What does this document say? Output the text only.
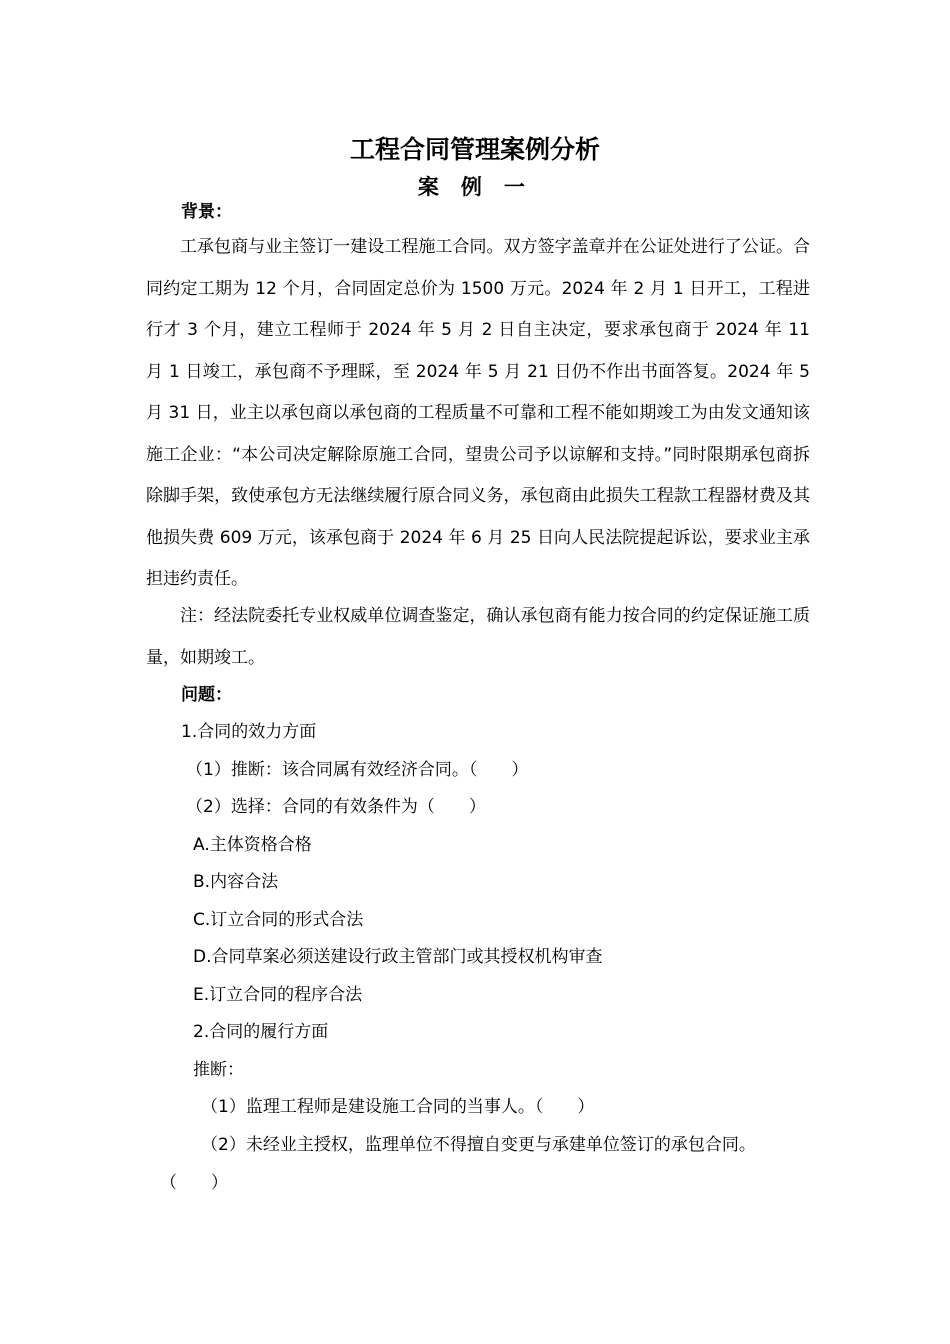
工程合同管理案例分析
案 例 一
背景：

工承包商与业主签订一建设工程施工合同。双方签字盖章并在公证处进行了公证。合同约定工期为 12 个月，合同固定总价为 1500 万元。2024 年 2 月 1 日开工，工程进行才 3 个月，建立工程师于 2024 年 5 月 2 日自主决定，要求承包商于 2024 年 11 月 1 日竣工，承包商不予理睬，至 2024 年 5 月 21 日仍不作出书面答复。2024 年 5 月 31 日，业主以承包商以承包商的工程质量不可靠和工程不能如期竣工为由发文通知该施工企业：“本公司决定解除原施工合同，望贵公司予以谅解和支持。”同时限期承包商拆除脚手架，致使承包方无法继续履行原合同义务，承包商由此损失工程款工程器材费及其他损失费 609 万元，该承包商于 2024 年 6 月 25 日向人民法院提起诉讼，要求业主承担违约责任。

注：经法院委托专业权威单位调查鉴定，确认承包商有能力按合同的约定保证施工质量，如期竣工。

问题：
1.合同的效力方面
（1）推断：该合同属有效经济合同。（　　）
（2）选择：合同的有效条件为（　　）
A.主体资格合格
B.内容合法
C.订立合同的形式合法
D.合同草案必须送建设行政主管部门或其授权机构审查
E.订立合同的程序合法
2.合同的履行方面
推断：
（1）监理工程师是建设施工合同的当事人。（　　）
（2）未经业主授权，监理单位不得擅自变更与承建单位签订的承包合同。
（　　）
